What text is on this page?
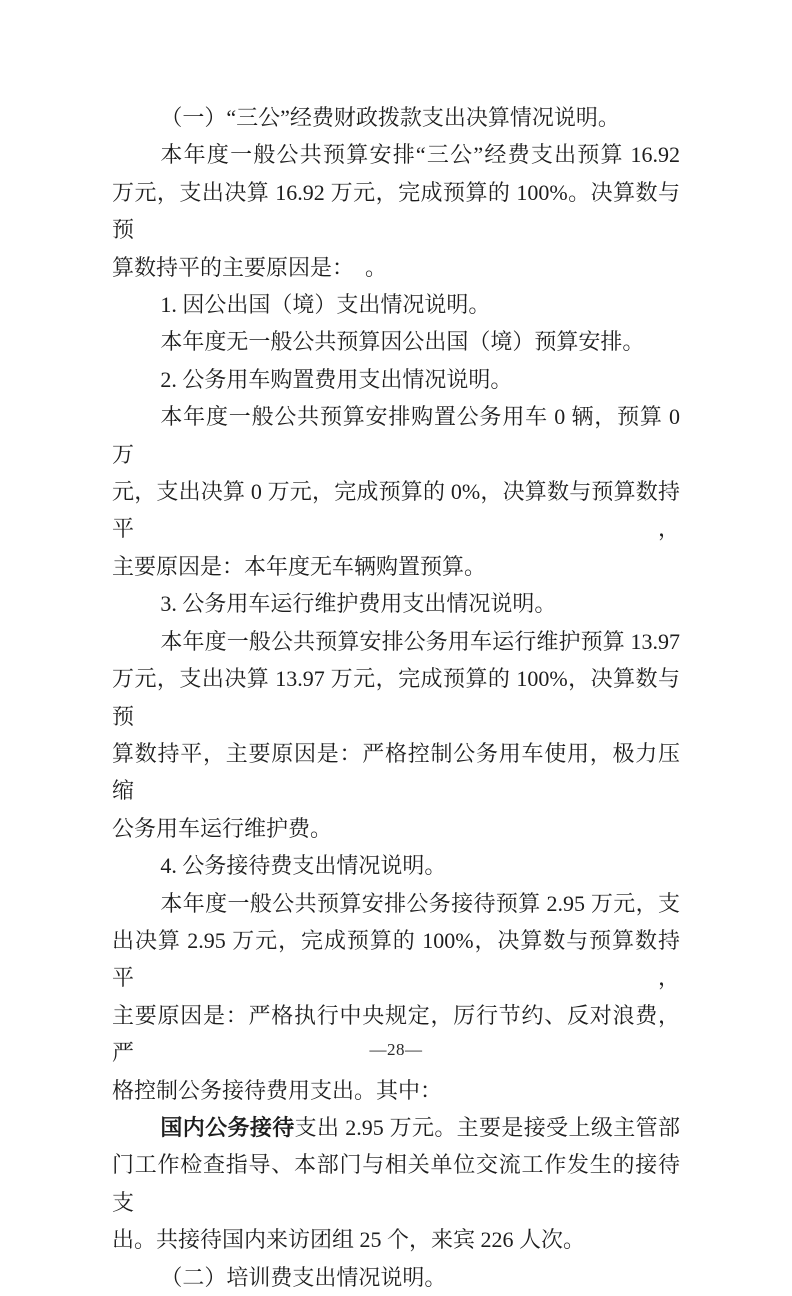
（一）“三公”经费财政拨款支出决算情况说明。
本年度一般公共预算安排“三公”经费支出预算 16.92
万元，支出决算 16.92 万元，完成预算的 100%。决算数与预
算数持平的主要原因是：　。
1. 因公出国（境）支出情况说明。
本年度无一般公共预算因公出国（境）预算安排。
2. 公务用车购置费用支出情况说明。
本年度一般公共预算安排购置公务用车 0 辆，预算 0 万
元，支出决算 0 万元，完成预算的 0%，决算数与预算数持平，
主要原因是：本年度无车辆购置预算。
3. 公务用车运行维护费用支出情况说明。
本年度一般公共预算安排公务用车运行维护预算 13.97
万元，支出决算 13.97 万元，完成预算的 100%，决算数与预
算数持平，主要原因是：严格控制公务用车使用，极力压缩
公务用车运行维护费。
4. 公务接待费支出情况说明。
本年度一般公共预算安排公务接待预算 2.95 万元，支
出决算 2.95 万元，完成预算的 100%，决算数与预算数持平，
主要原因是：严格执行中央规定，厉行节约、反对浪费，严
格控制公务接待费用支出。其中：
国内公务接待支出 2.95 万元。主要是接受上级主管部
门工作检查指导、本部门与相关单位交流工作发生的接待支
出。共接待国内来访团组 25 个，来宾 226 人次。
（二）培训费支出情况说明。
—28—
